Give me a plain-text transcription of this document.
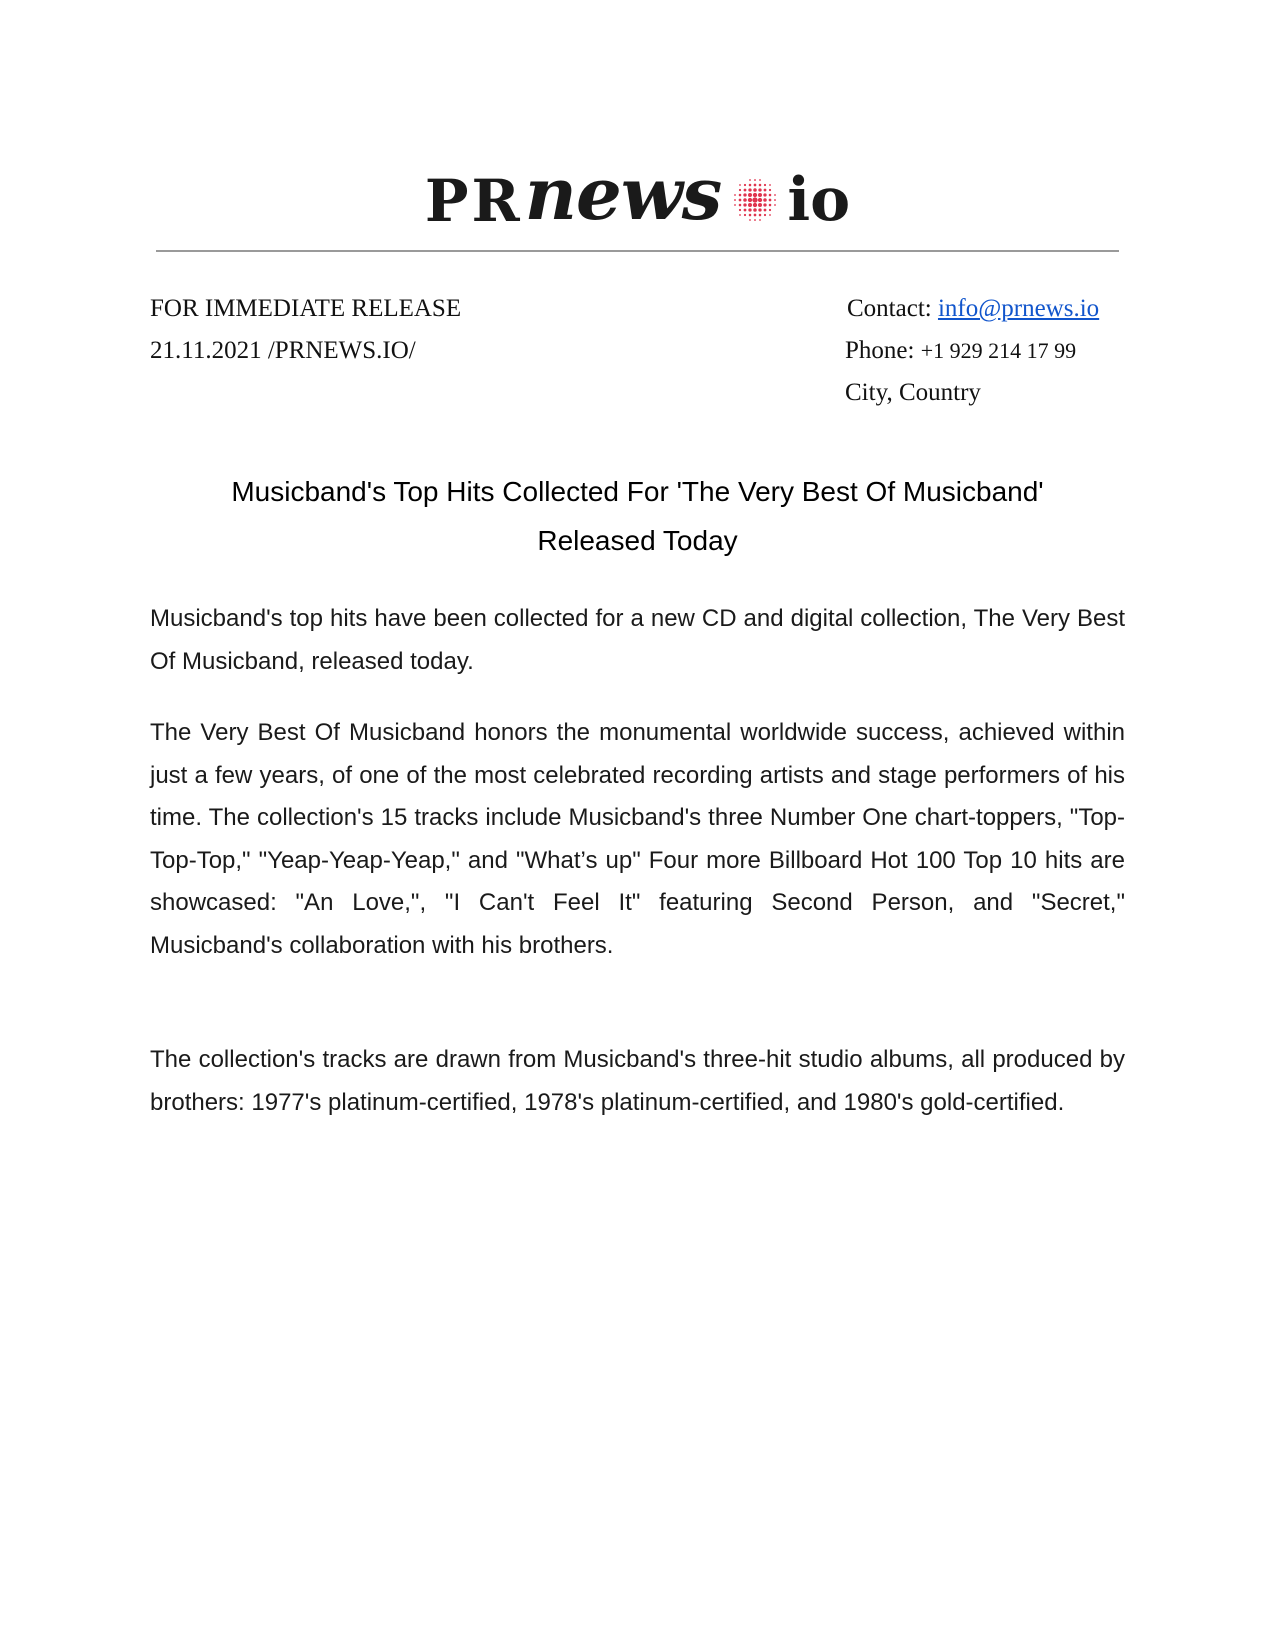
PR news io
FOR IMMEDIATE RELEASE
21.11.2021 /PRNEWS.IO/
Contact: info@prnews.io
Phone: +1 929 214 17 99
City, Country
Musicband's Top Hits Collected For 'The Very Best Of Musicband'
Released Today

Musicband's top hits have been collected for a new CD and digital collection, The Very Best Of Musicband, released today.

The Very Best Of Musicband honors the monumental worldwide success, achieved within just a few years, of one of the most celebrated recording artists and stage performers of his time. The collection's 15 tracks include Musicband's three Number One chart-toppers, "Top-Top-Top," "Yeap-Yeap-Yeap," and "What’s up" Four more Billboard Hot 100 Top 10 hits are showcased: "An Love,", "I Can't Feel It" featuring Second Person, and "Secret," Musicband's collaboration with his brothers.

The collection's tracks are drawn from Musicband's three-hit studio albums, all produced by brothers: 1977's platinum-certified, 1978's platinum-certified, and 1980's gold-certified.
